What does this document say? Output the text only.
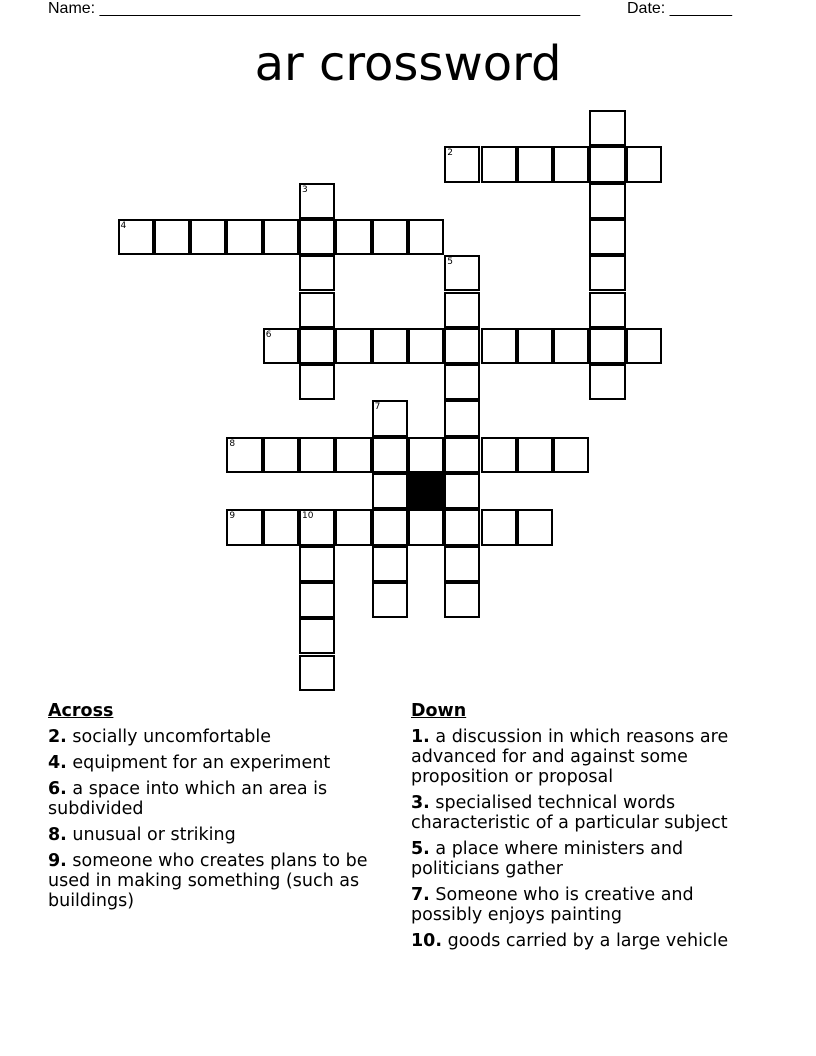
Name: ______________________________________________________	Date: _______
ar crossword
2
3
4
5
6
7
8
9	10
Across
2. socially uncomfortable
4. equipment for an experiment
6. a space into which an area is subdivided
8. unusual or striking
9. someone who creates plans to be used in making something (such as buildings)
Down
1. a discussion in which reasons are advanced for and against some proposition or proposal
3. specialised technical words characteristic of a particular subject
5. a place where ministers and politicians gather
7. Someone who is creative and possibly enjoys painting
10. goods carried by a large vehicle
